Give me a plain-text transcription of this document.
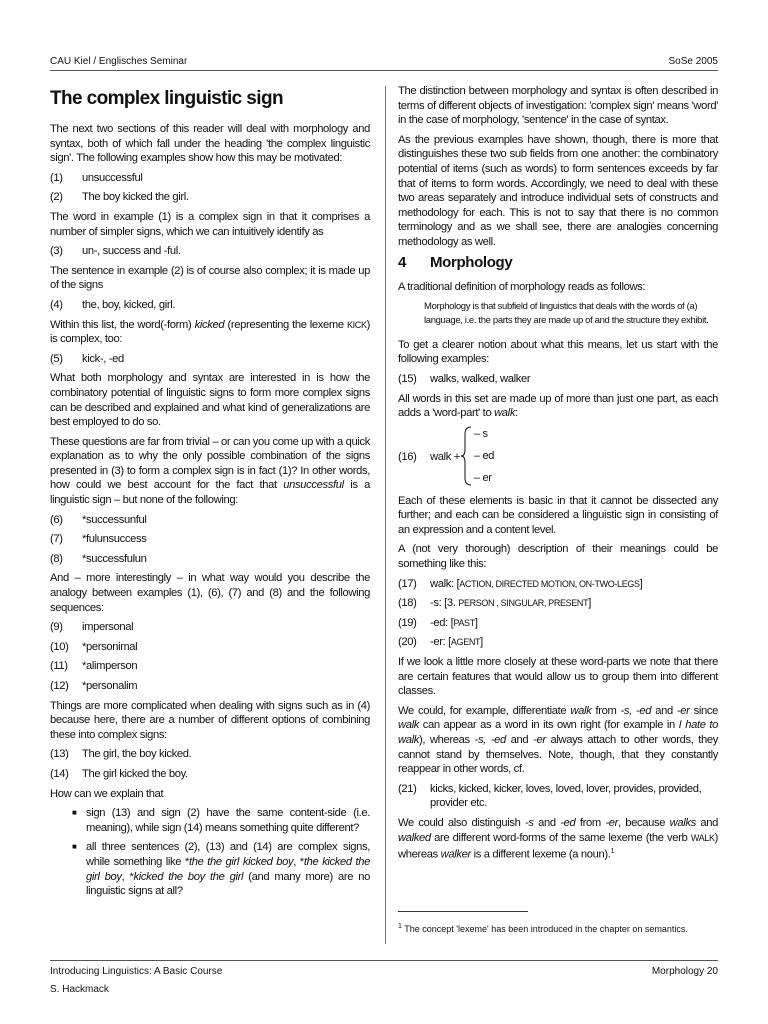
CAU Kiel / Englisches Seminar	SoSe 2005
The complex linguistic sign

The next two sections of this reader will deal with morphology and syntax, both of which fall under the heading 'the complex linguistic sign'. The following examples show how this may be motivated:

(1)	unsuccessful
(2)	The boy kicked the girl.

The word in example (1) is a complex sign in that it comprises a number of simpler signs, which we can intuitively identify as

(3)	un-, success and -ful.

The sentence in example (2) is of course also complex; it is made up of the signs

(4)	the, boy, kicked, girl.

Within this list, the word(-form) kicked (representing the lexeme KICK) is complex, too:

(5)	kick-, -ed

What both morphology and syntax are interested in is how the combinatory potential of linguistic signs to form more complex signs can be described and explained and what kind of generalizations are best employed to do so.

These questions are far from trivial – or can you come up with a quick explanation as to why the only possible combination of the signs presented in (3) to form a complex sign is in fact (1)? In other words, how could we best account for the fact that unsuccessful is a linguistic sign – but none of the following:

(6)	*successunful
(7)	*fulunsuccess
(8)	*successfulun

And – more interestingly – in what way would you describe the analogy between examples (1), (6), (7) and (8) and the following sequences:

(9)	impersonal
(10)	*personimal
(11)	*alimperson
(12)	*personalim

Things are more complicated when dealing with signs such as in (4) because here, there are a number of different options of combining these into complex signs:

(13)	The girl, the boy kicked.
(14)	The girl kicked the boy.

How can we explain that

■ sign (13) and sign (2) have the same content-side (i.e. meaning), while sign (14) means something quite different?
■ all three sentences (2), (13) and (14) are complex signs, while something like *the the girl kicked boy, *the kicked the girl boy, *kicked the boy the girl (and many more) are no linguistic signs at all?

The distinction between morphology and syntax is often described in terms of different objects of investigation: 'complex sign' means 'word' in the case of morphology, 'sentence' in the case of syntax.

As the previous examples have shown, though, there is more that distinguishes these two sub fields from one another: the combinatory potential of items (such as words) to form sentences exceeds by far that of items to form words. Accordingly, we need to deal with these two areas separately and introduce individual sets of constructs and methodology for each. This is not to say that there is no common terminology and as we shall see, there are analogies concerning methodology as well.

4	Morphology

A traditional definition of morphology reads as follows:

Morphology is that subfield of linguistics that deals with the words of (a) language, i.e. the parts they are made up of and the structure they exhibit.

To get a clearer notion about what this means, let us start with the following examples:

(15)	walks, walked, walker

All words in this set are made up of more than just one part, as each adds a 'word-part' to walk:

(16) walk +
– s
– ed
– er

Each of these elements is basic in that it cannot be dissected any further; and each can be considered a linguistic sign in consisting of an expression and a content level.

A (not very thorough) description of their meanings could be something like this:

(17)	walk: [ACTION, DIRECTED MOTION, ON-TWO-LEGS]
(18)	-s: [3. PERSON , SINGULAR, PRESENT]
(19)	-ed: [PAST]
(20)	-er: [AGENT]

If we look a little more closely at these word-parts we note that there are certain features that would allow us to group them into different classes.

We could, for example, differentiate walk from -s, -ed and -er since walk can appear as a word in its own right (for example in I hate to walk), whereas -s, -ed and -er always attach to other words, they cannot stand by themselves. Note, though, that they constantly reappear in other words, cf.

(21)	kicks, kicked, kicker, loves, loved, lover, provides, provided, provider etc.

We could also distinguish -s and -ed from -er, because walks and walked are different word-forms of the same lexeme (the verb WALK) whereas walker is a different lexeme (a noun).$^1$

$^1$ The concept 'lexeme' has been introduced in the chapter on semantics.
Introducing Linguistics: A Basic Course
S. Hackmack
Morphology 20
